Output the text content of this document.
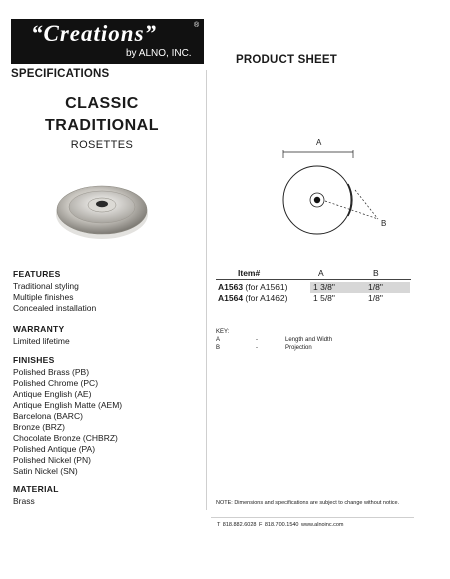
“Creations”	®
by ALNO, INC.
SPECIFICATIONS
PRODUCT SHEET
CLASSIC
TRADITIONAL
ROSETTES
FEATURES
Traditional styling
Multiple finishes
Concealed installation
WARRANTY
Limited lifetime
FINISHES
Polished Brass (PB)
Polished Chrome (PC)
Antique English (AE)
Antique English Matte (AEM)
Barcelona (BARC)
Bronze (BRZ)
Chocolate Bronze (CHBRZ)
Polished Antique (PA)
Polished Nickel (PN)
Satin Nickel (SN)
MATERIAL
Brass
A
B
Item#	A	B
A1563 (for A1561)	1 3/8"	1/8"
A1564 (for A1462)	1 5/8"	1/8"
KEY:
A	-	Length and Width
B	-	Projection
NOTE: Dimensions and specifications are subject to change without notice.
T 818.882.6028 F 818.700.1540 www.alnoinc.com
